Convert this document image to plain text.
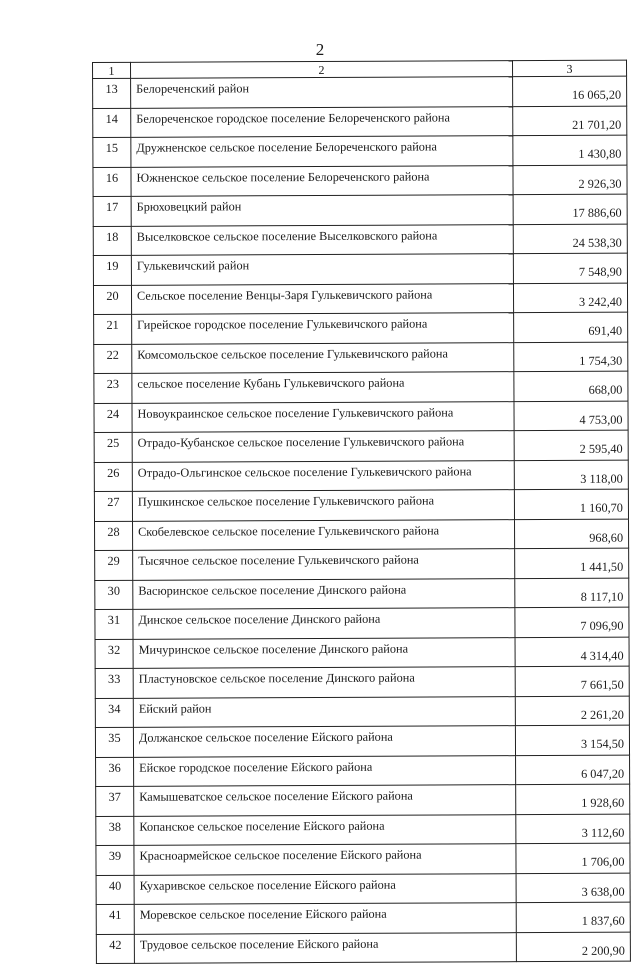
2
1	2	3
13	Белореченский район	16 065,20
14	Белореченское городское поселение Белореченского района	21 701,20
15	Дружненское сельское поселение Белореченского района	1 430,80
16	Южненское сельское поселение Белореченского района	2 926,30
17	Брюховецкий район	17 886,60
18	Выселковское сельское поселение Выселковского района	24 538,30
19	Гулькевичский район	7 548,90
20	Сельское поселение Венцы-Заря Гулькевичского района	3 242,40
21	Гирейское городское поселение Гулькевичского района	691,40
22	Комсомольское сельское поселение Гулькевичского района	1 754,30
23	сельское поселение Кубань Гулькевичского района	668,00
24	Новоукраинское сельское поселение Гулькевичского района	4 753,00
25	Отрадо-Кубанское сельское поселение Гулькевичского района	2 595,40
26	Отрадо-Ольгинское сельское поселение Гулькевичского района	3 118,00
27	Пушкинское сельское поселение Гулькевичского района	1 160,70
28	Скобелевское сельское поселение Гулькевичского района	968,60
29	Тысячное сельское поселение Гулькевичского района	1 441,50
30	Васюринское сельское поселение Динского района	8 117,10
31	Динское сельское поселение Динского района	7 096,90
32	Мичуринское сельское поселение Динского района	4 314,40
33	Пластуновское сельское поселение Динского района	7 661,50
34	Ейский район	2 261,20
35	Должанское сельское поселение Ейского района	3 154,50
36	Ейское городское поселение Ейского района	6 047,20
37	Камышеватское сельское поселение Ейского района	1 928,60
38	Копанское сельское поселение Ейского района	3 112,60
39	Красноармейское сельское поселение Ейского района	1 706,00
40	Кухаривское сельское поселение Ейского района	3 638,00
41	Моревское сельское поселение Ейского района	1 837,60
42	Трудовое сельское поселение Ейского района	2 200,90
